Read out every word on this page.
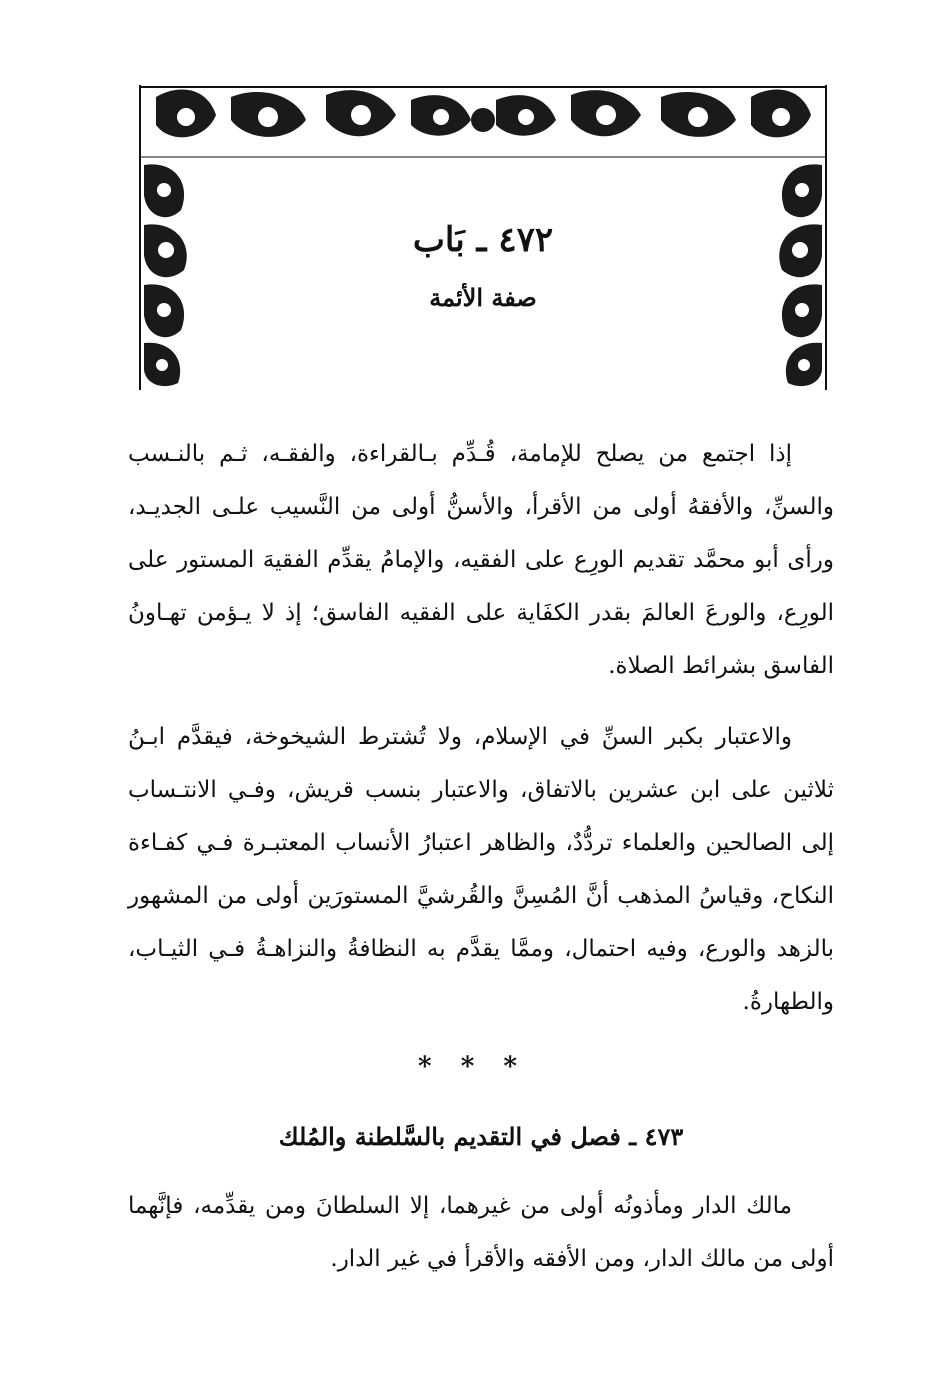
٤٧٢ ـ بَاب
صفة الأئمة

إذا اجتمع من يصلح للإمامة، قُـدِّم بـالقراءة، والفقـه، ثـم بالنـسب والسنِّ، والأفقهُ أولى من الأقرأ، والأسنُّ أولى من النَّسيب علـى الجديـد، ورأى أبو محمَّد تقديم الورِع على الفقيه، والإمامُ يقدِّم الفقيهَ المستور على الورِع، والورعَ العالمَ بقدر الكفَاية على الفقيه الفاسق؛ إذ لا يـؤمن تهـاونُ الفاسق بشرائط الصلاة.

والاعتبار بكبر السنِّ في الإسلام، ولا تُشترط الشيخوخة، فيقدَّم ابـنُ ثلاثين على ابن عشرين بالاتفاق، والاعتبار بنسب قريش، وفـي الانتـساب إلى الصالحين والعلماء تردُّدٌ، والظاهر اعتبارُ الأنساب المعتبـرة فـي كفـاءة النكاح، وقياسُ المذهب أنَّ المُسِنَّ والقُرشيَّ المستورَين أولى من المشهور بالزهد والورع، وفيه احتمال، وممَّا يقدَّم به النظافةُ والنزاهـةُ فـي الثيـاب، والطهارةُ.

* * *
٤٧٣ ـ فصل في التقديم بالسَّلطنة والمُلك

مالك الدار ومأذونُه أولى من غيرهما، إلا السلطانَ ومن يقدِّمه، فإنَّهما أولى من مالك الدار، ومن الأفقه والأقرأ في غير الدار.
